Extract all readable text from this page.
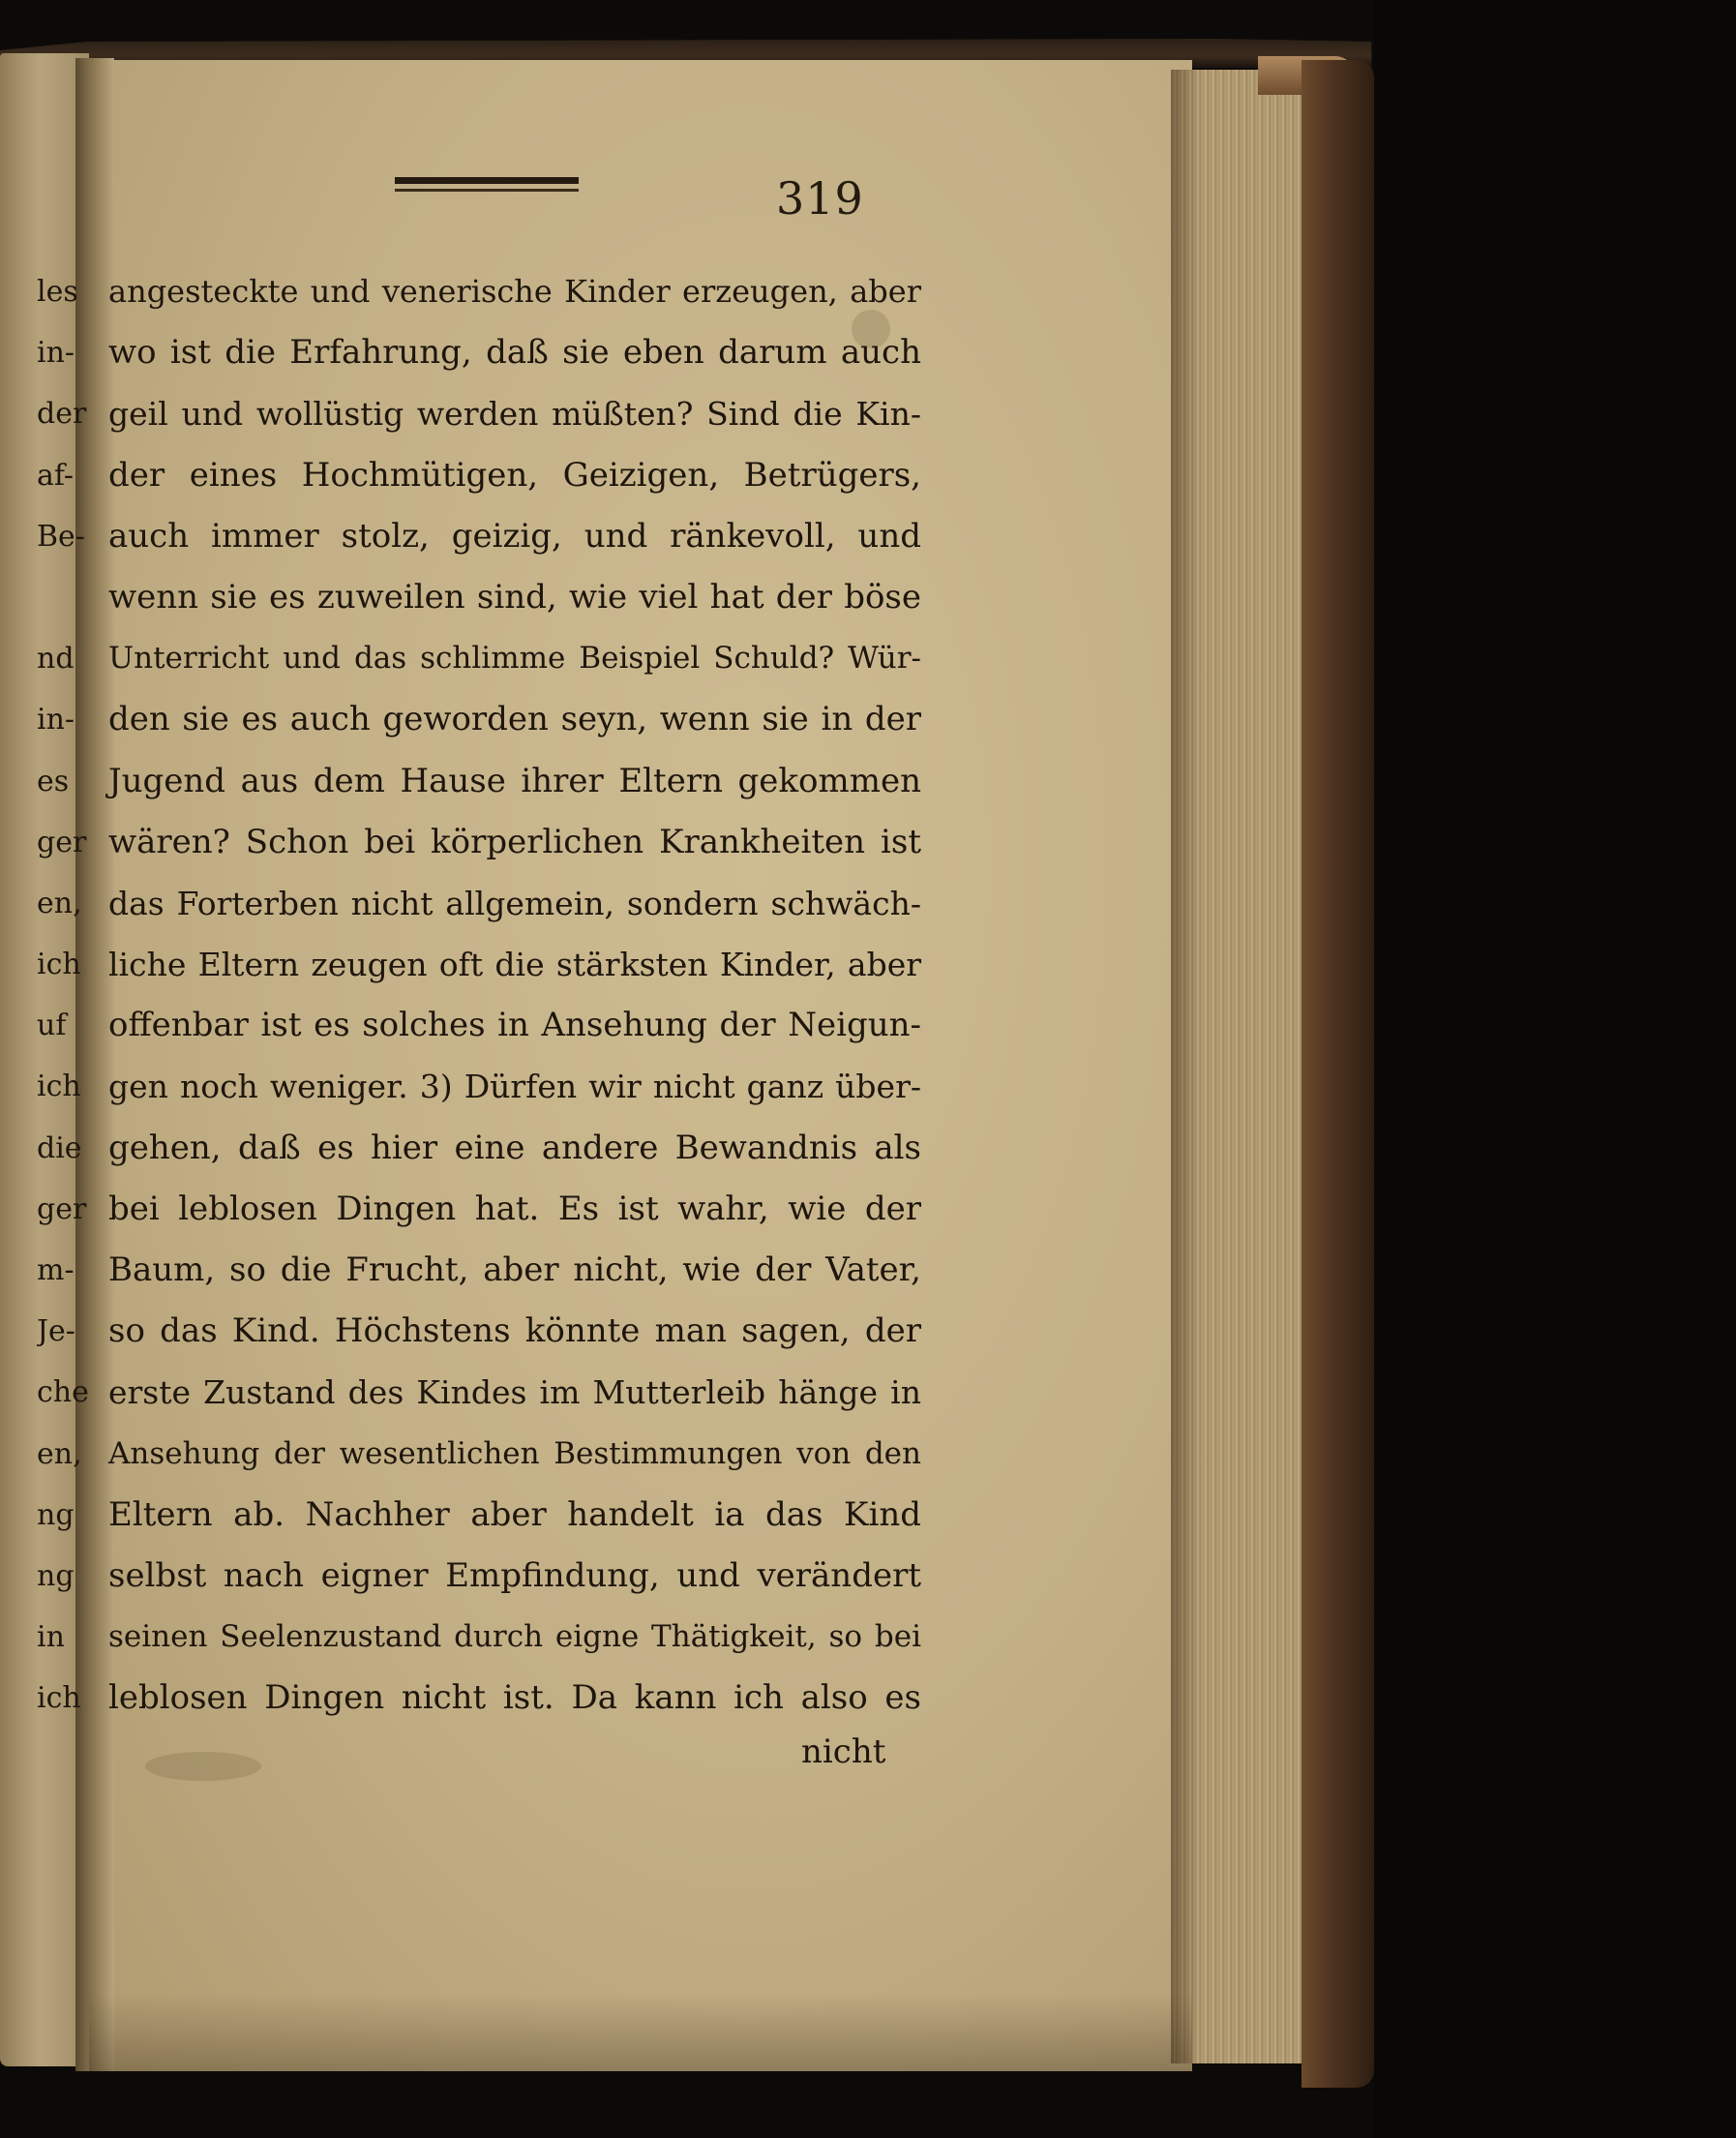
319
les
in-
der
af-
Be-
nd
in-
es
ger
en,
ich
uf
ich
die
ger
m-
Je-
che
en,
ng
ng
in
ich
angesteckte und venerische Kinder erzeugen, aber
wo ist die Erfahrung, daß sie eben darum auch
geil und wollüstig werden müßten? Sind die Kin-
der eines Hochmütigen, Geizigen, Betrügers,
auch immer stolz, geizig, und ränkevoll, und
wenn sie es zuweilen sind, wie viel hat der böse
Unterricht und das schlimme Beispiel Schuld? Wür-
den sie es auch geworden seyn, wenn sie in der
Jugend aus dem Hause ihrer Eltern gekommen
wären? Schon bei körperlichen Krankheiten ist
das Forterben nicht allgemein, sondern schwäch-
liche Eltern zeugen oft die stärksten Kinder, aber
offenbar ist es solches in Ansehung der Neigun-
gen noch weniger. 3) Dürfen wir nicht ganz über-
gehen, daß es hier eine andere Bewandnis als
bei leblosen Dingen hat. Es ist wahr, wie der
Baum, so die Frucht, aber nicht, wie der Vater,
so das Kind. Höchstens könnte man sagen, der
erste Zustand des Kindes im Mutterleib hänge in
Ansehung der wesentlichen Bestimmungen von den
Eltern ab. Nachher aber handelt ia das Kind
selbst nach eigner Empfindung, und verändert
seinen Seelenzustand durch eigne Thätigkeit, so bei
leblosen Dingen nicht ist. Da kann ich also es
nicht
